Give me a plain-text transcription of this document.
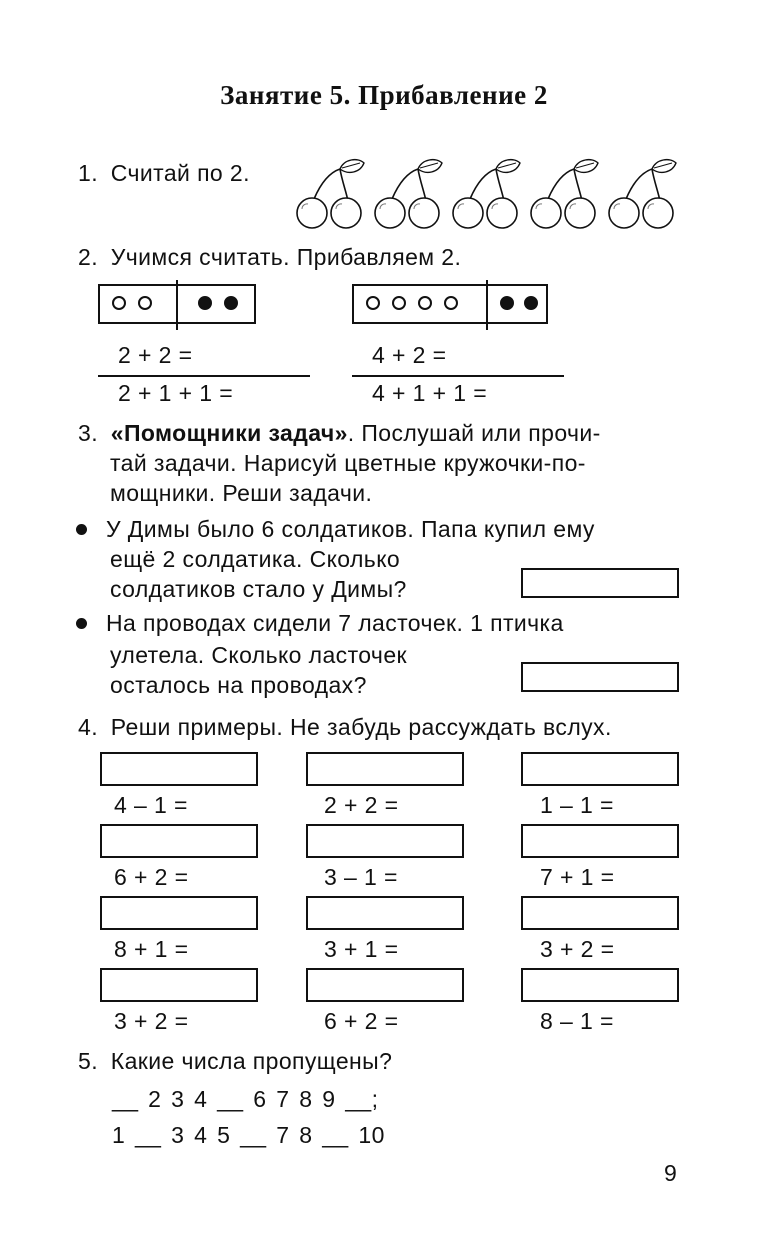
Занятие 5. Прибавление 2
1. Считай по 2.
2. Учимся считать. Прибавляем 2.
2 + 2 =
2 + 1 + 1 =
4 + 2 =
4 + 1 + 1 =
3. «Помощники задач». Послушай или прочи-
тай задачи. Нарисуй цветные кружочки-по-
мощники. Реши задачи.
У Димы было 6 солдатиков. Папа купил ему
ещё 2 солдатика. Сколько
солдатиков стало у Димы?
На проводах сидели 7 ласточек. 1 птичка
улетела. Сколько ласточек
осталось на проводах?
4. Реши примеры. Не забудь рассуждать вслух.
4 – 1 =	2 + 2 =	1 – 1 =
6 + 2 =	3 – 1 =	7 + 1 =
8 + 1 =	3 + 1 =	3 + 2 =
3 + 2 =	6 + 2 =	8 – 1 =
5. Какие числа пропущены?
__ 2 3 4 __ 6 7 8 9 __;
1 __ 3 4 5 __ 7 8 __ 10
9
